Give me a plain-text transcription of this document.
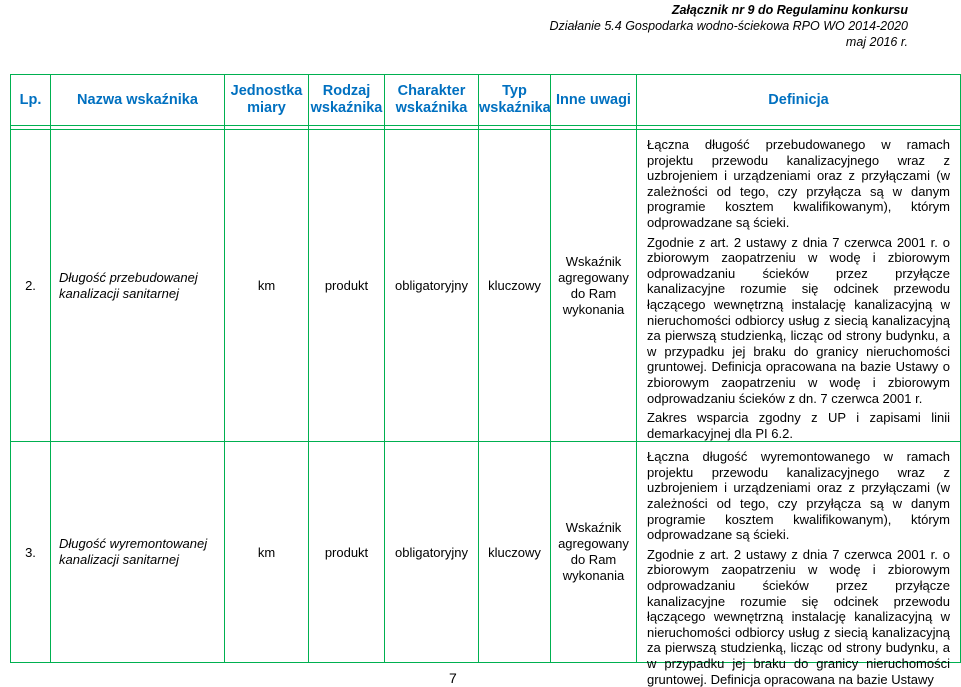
Załącznik nr 9 do Regulaminu konkursu
Działanie 5.4 Gospodarka wodno-ściekowa RPO WO 2014-2020
maj 2016 r.
Lp.	Nazwa wskaźnika	Jednostka miary	Rodzaj wskaźnika	Charakter wskaźnika	Typ wskaźnika	Inne uwagi	Definicja

2.	Długość przebudowanej kanalizacji sanitarnej	km	produkt	obligatoryjny	kluczowy	Wskaźnik agregowany do Ram wykonania	Łączna długość przebudowanego w ramach projektu przewodu kanalizacyjnego wraz z uzbrojeniem i urządzeniami oraz z przyłączami (w zależności od tego, czy przyłącza są w danym programie kosztem kwalifikowanym), którym odprowadzane są ścieki.

Zgodnie z art. 2 ustawy z dnia 7 czerwca 2001 r. o zbiorowym zaopatrzeniu w wodę i zbiorowym odprowadzaniu ścieków przez przyłącze kanalizacyjne rozumie się odcinek przewodu łączącego wewnętrzną instalację kanalizacyjną w nieruchomości odbiorcy usług z siecią kanalizacyjną za pierwszą studzienką, licząc od strony budynku, a w przypadku jej braku do granicy nieruchomości gruntowej. Definicja opracowana na bazie Ustawy o zbiorowym zaopatrzeniu w wodę i zbiorowym odprowadzaniu ścieków z dn. 7 czerwca 2001 r.

Zakres wsparcia zgodny z UP i zapisami linii demarkacyjnej dla PI 6.2.

3.	Długość wyremontowanej kanalizacji sanitarnej	km	produkt	obligatoryjny	kluczowy	Wskaźnik agregowany do Ram wykonania	Łączna długość wyremontowanego w ramach projektu przewodu kanalizacyjnego wraz z uzbrojeniem i urządzeniami oraz z przyłączami (w zależności od tego, czy przyłącza są w danym programie kosztem kwalifikowanym), którym odprowadzane są ścieki.

Zgodnie z art. 2 ustawy z dnia 7 czerwca 2001 r. o zbiorowym zaopatrzeniu w wodę i zbiorowym odprowadzaniu ścieków przez przyłącze kanalizacyjne rozumie się odcinek przewodu łączącego wewnętrzną instalację kanalizacyjną w nieruchomości odbiorcy usług z siecią kanalizacyjną za pierwszą studzienką, licząc od strony budynku, a w przypadku jej braku do granicy nieruchomości gruntowej. Definicja opracowana na bazie Ustawy

7
